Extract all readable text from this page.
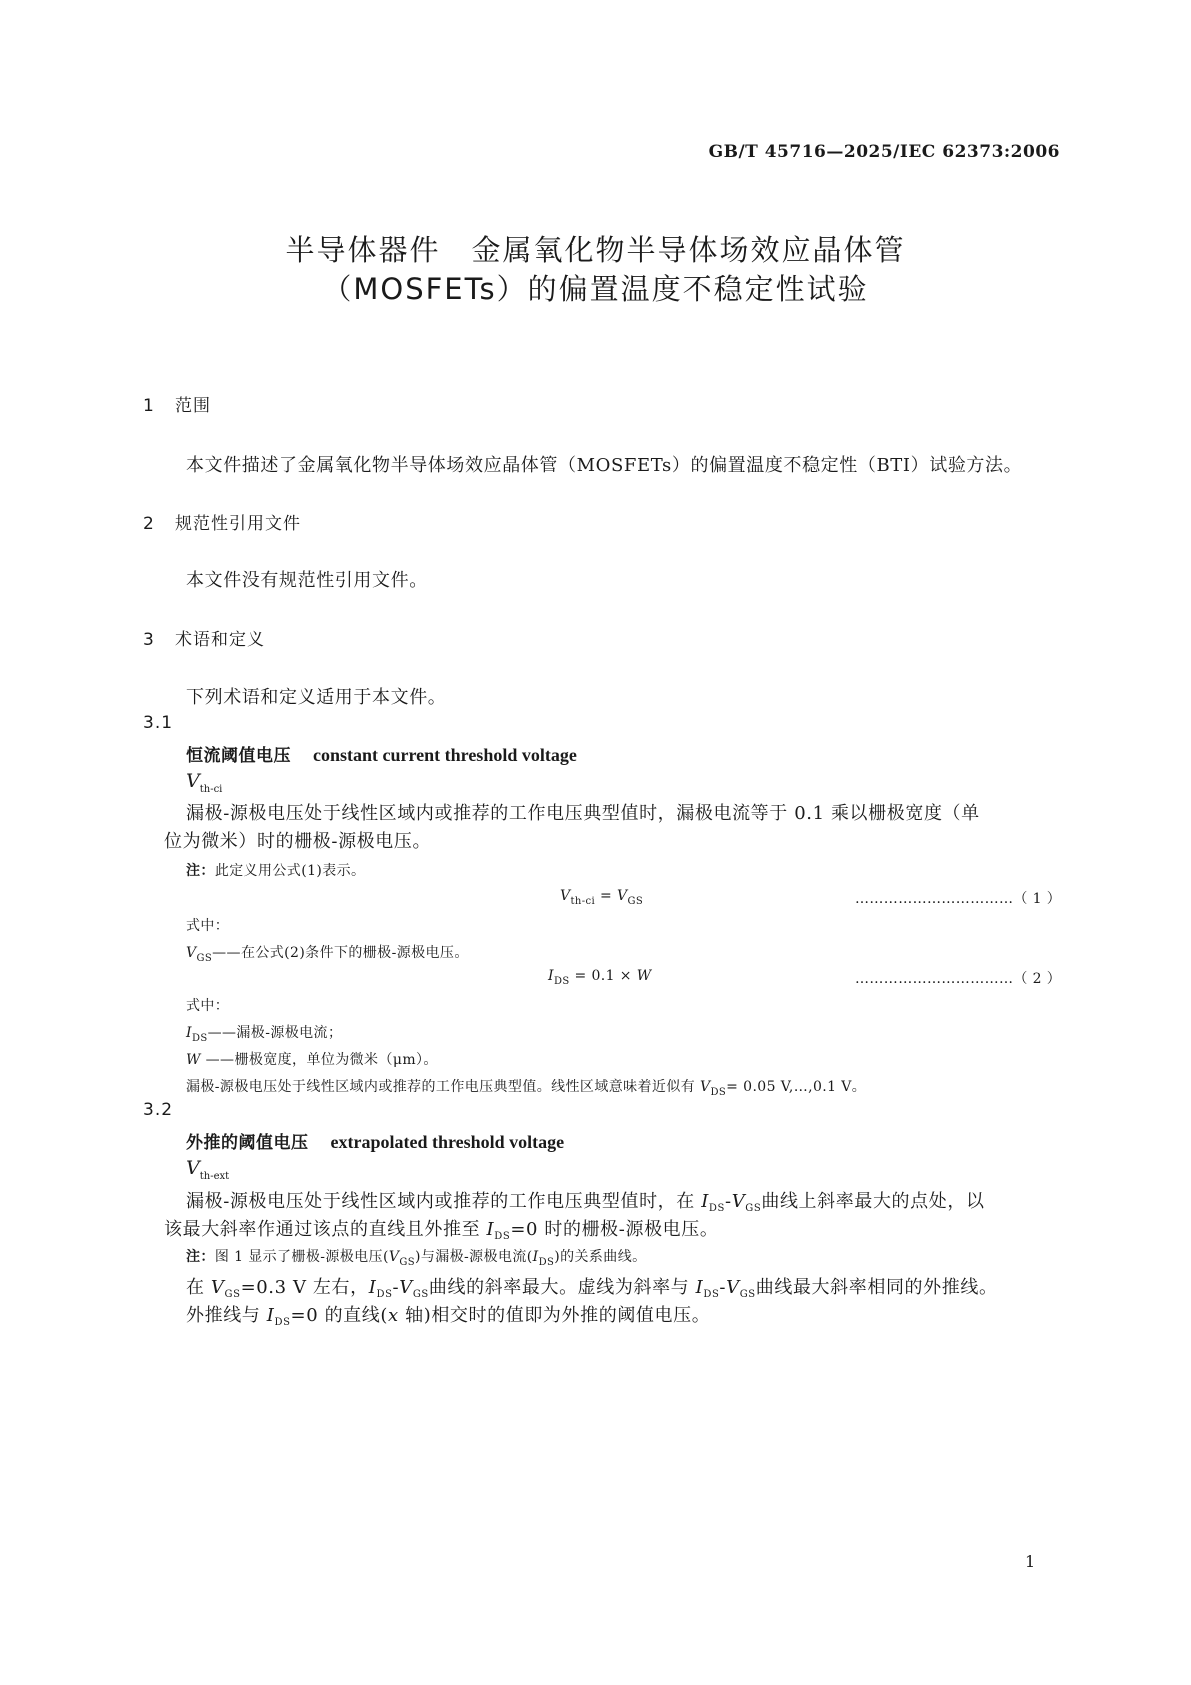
GB/T 45716—2025/IEC 62373:2006
半导体器件　金属氧化物半导体场效应晶体管
（MOSFETs）的偏置温度不稳定性试验
1 范围
本文件描述了金属氧化物半导体场效应晶体管（MOSFETs）的偏置温度不稳定性（BTI）试验方法。
2 规范性引用文件
本文件没有规范性引用文件。
3 术语和定义
下列术语和定义适用于本文件。
3.1
恒流阈值电压 constant current threshold voltage
$V_{th-ci}$
漏极-源极电压处于线性区域内或推荐的工作电压典型值时，漏极电流等于 0.1 乘以栅极宽度（单
位为微米）时的栅极-源极电压。
注：此定义用公式(1)表示。
$V_{th-ci} = V_{GS}$	……………………………（ 1 ）
式中：
$V_{GS}——$在公式(2)条件下的栅极-源极电压。
$I_{DS} = 0.1 \times W$	……………………………（ 2 ）
式中：
$I_{DS}——$漏极-源极电流；
W ——栅极宽度，单位为微米（μm）。
漏极-源极电压处于线性区域内或推荐的工作电压典型值。线性区域意味着近似有 $V_{DS}= 0.05$ V,…,0.1 V。
3.2
外推的阈值电压 extrapolated threshold voltage
$V_{th-ext}$
漏极-源极电压处于线性区域内或推荐的工作电压典型值时，在 $I_{DS}-V_{GS}$曲线上斜率最大的点处，以
该最大斜率作通过该点的直线且外推至 $I_{DS}=0$ 时的栅极-源极电压。
注：图 1 显示了栅极-源极电压$(V_{GS})$与漏极-源极电流$(I_{DS})$的关系曲线。
在 $V_{GS}=0.3$ V 左右，$I_{DS}-V_{GS}$曲线的斜率最大。虚线为斜率与 $I_{DS}-V_{GS}$曲线最大斜率相同的外推线。
外推线与 $I_{DS}=0$ 的直线(x 轴)相交时的值即为外推的阈值电压。
1
